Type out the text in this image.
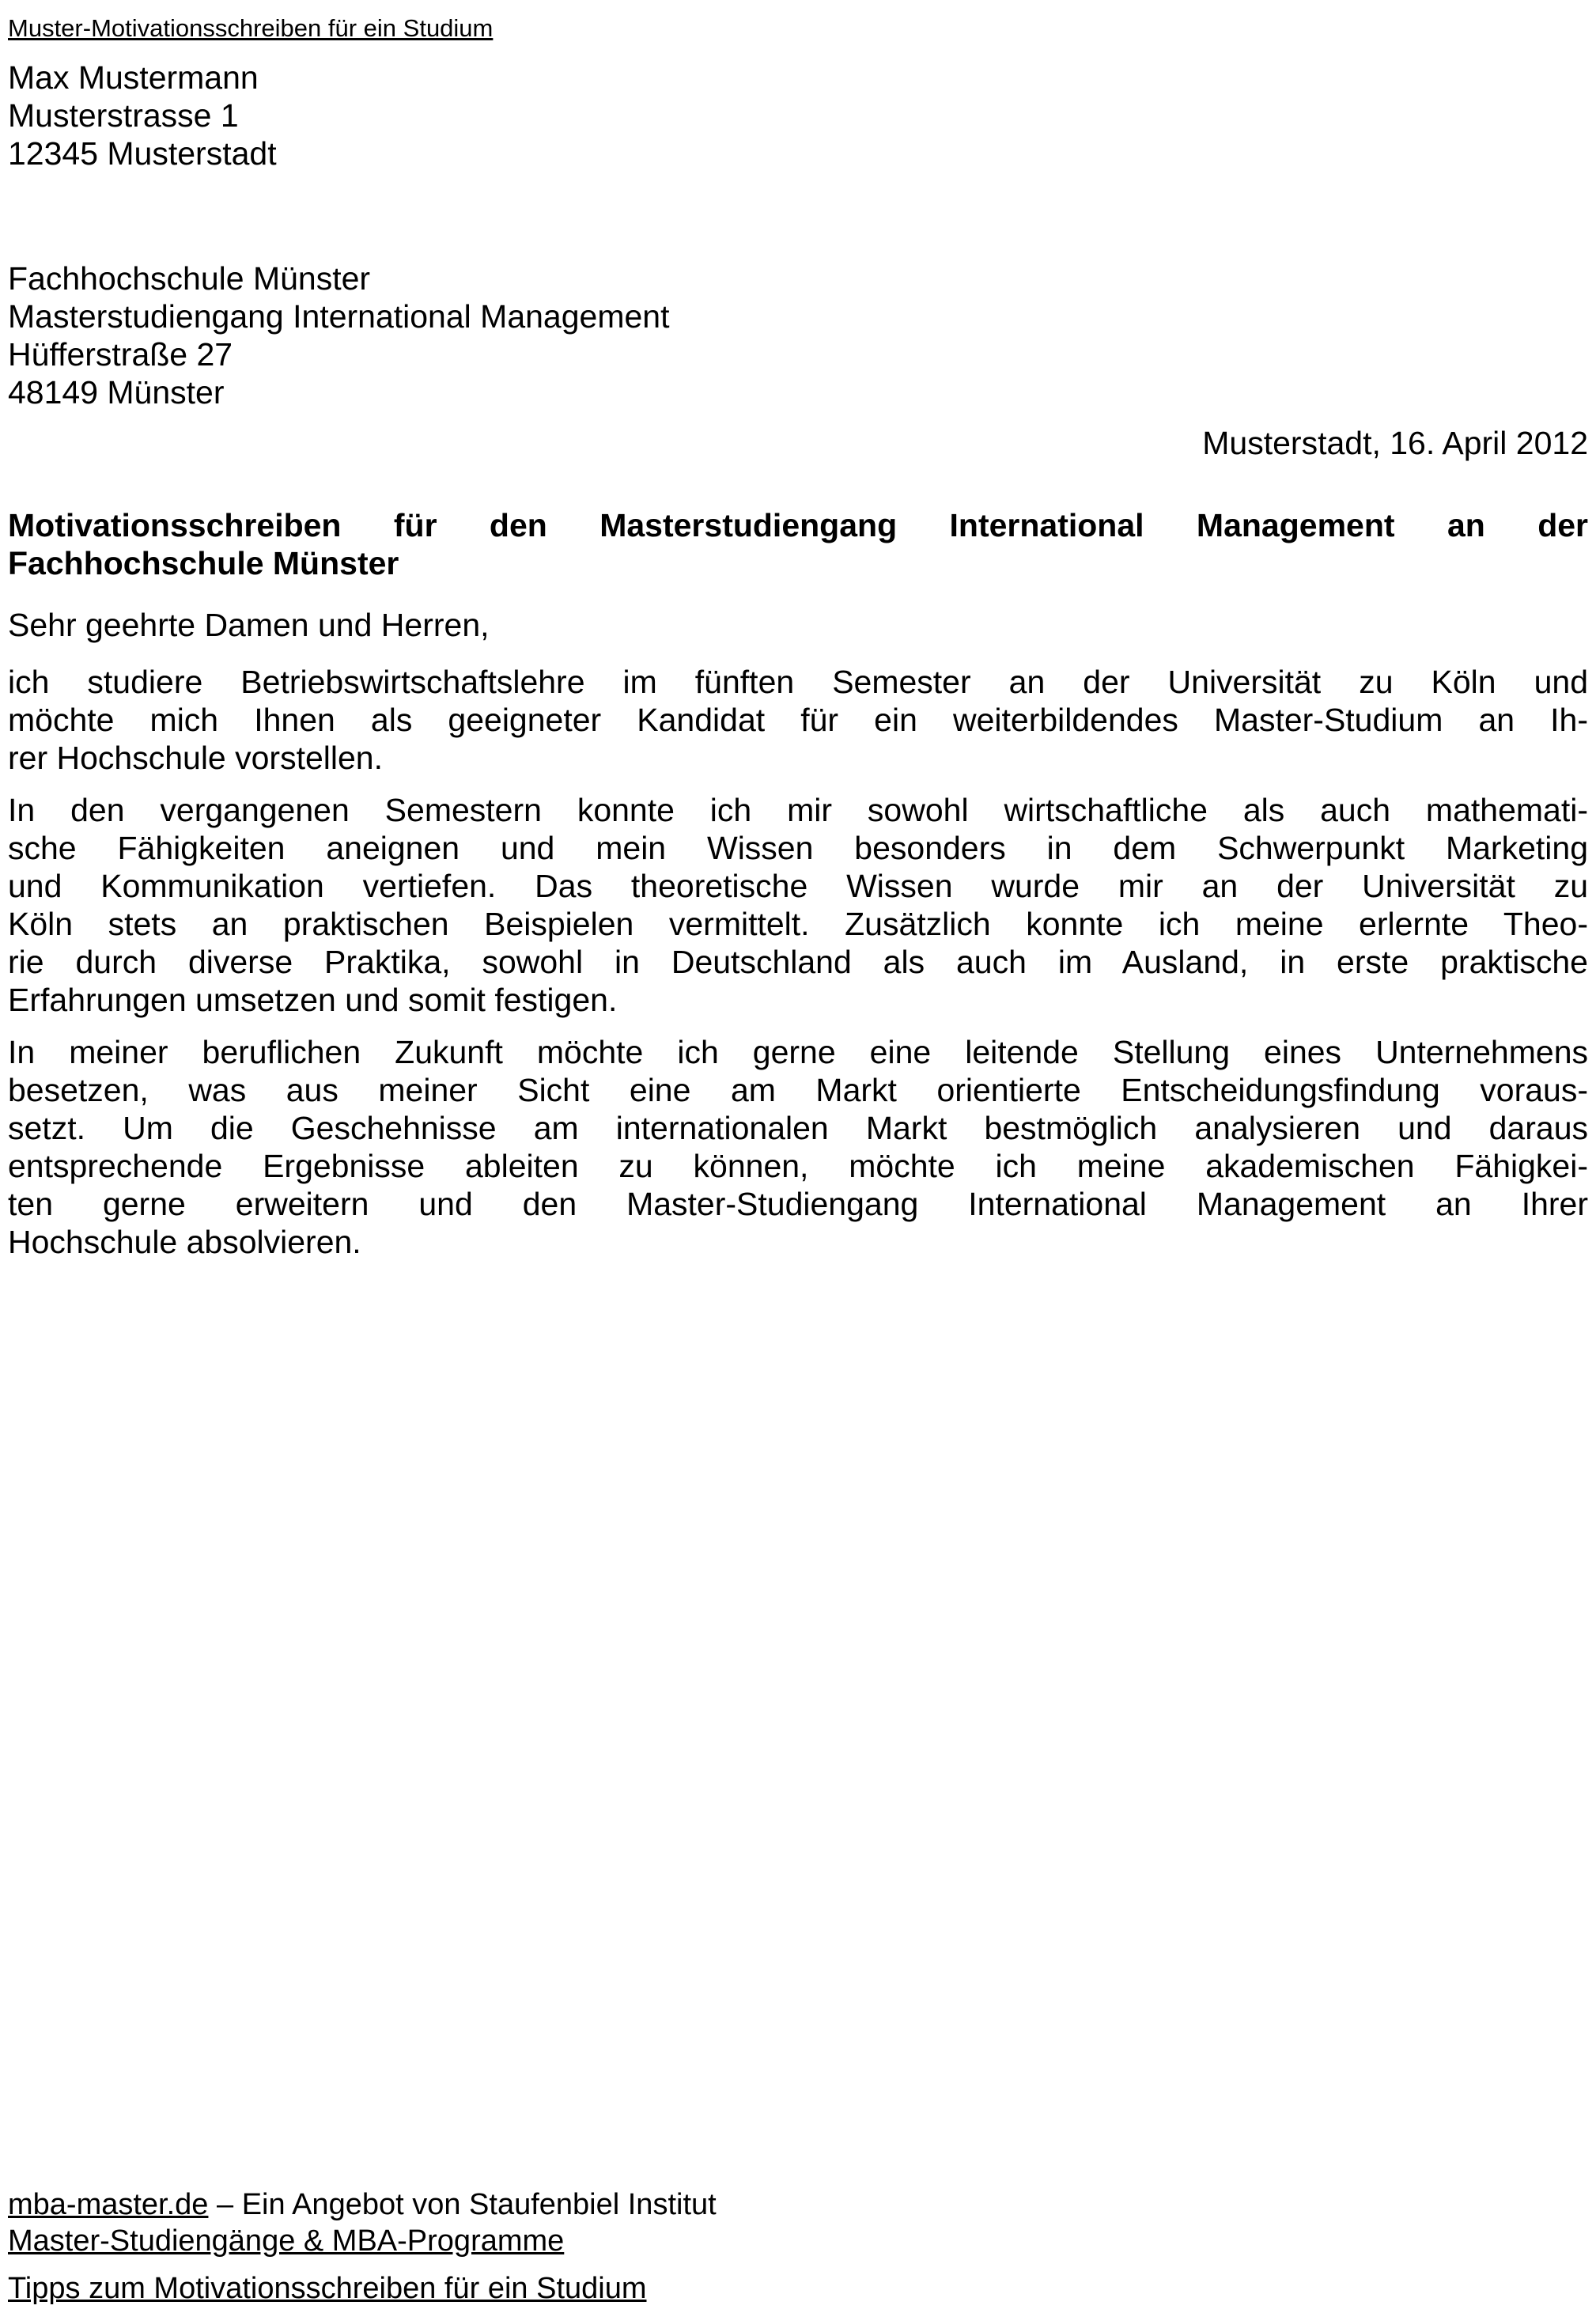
Muster-Motivationsschreiben für ein Studium
Max Mustermann
Musterstrasse 1
12345 Musterstadt
Fachhochschule Münster
Masterstudiengang International Management
Hüfferstraße 27
48149 Münster
Musterstadt, 16. April 2012
Motivationsschreiben für den Masterstudiengang International Management an der
Fachhochschule Münster
Sehr geehrte Damen und Herren,
ich studiere Betriebswirtschaftslehre im fünften Semester an der Universität zu Köln und
möchte mich Ihnen als geeigneter Kandidat für ein weiterbildendes Master-Studium an Ih-
rer Hochschule vorstellen.
In den vergangenen Semestern konnte ich mir sowohl wirtschaftliche als auch mathemati-
sche Fähigkeiten aneignen und mein Wissen besonders in dem Schwerpunkt Marketing
und Kommunikation vertiefen. Das theoretische Wissen wurde mir an der Universität zu
Köln stets an praktischen Beispielen vermittelt. Zusätzlich konnte ich meine erlernte Theo-
rie durch diverse Praktika, sowohl in Deutschland als auch im Ausland, in erste praktische
Erfahrungen umsetzen und somit festigen.
In meiner beruflichen Zukunft möchte ich gerne eine leitende Stellung eines Unternehmens
besetzen, was aus meiner Sicht eine am Markt orientierte Entscheidungsfindung voraus-
setzt. Um die Geschehnisse am internationalen Markt bestmöglich analysieren und daraus
entsprechende Ergebnisse ableiten zu können, möchte ich meine akademischen Fähigkei-
ten gerne erweitern und den Master-Studiengang International Management an Ihrer
Hochschule absolvieren.
mba-master.de – Ein Angebot von Staufenbiel Institut
Master-Studiengänge & MBA-Programme
Tipps zum Motivationsschreiben für ein Studium
